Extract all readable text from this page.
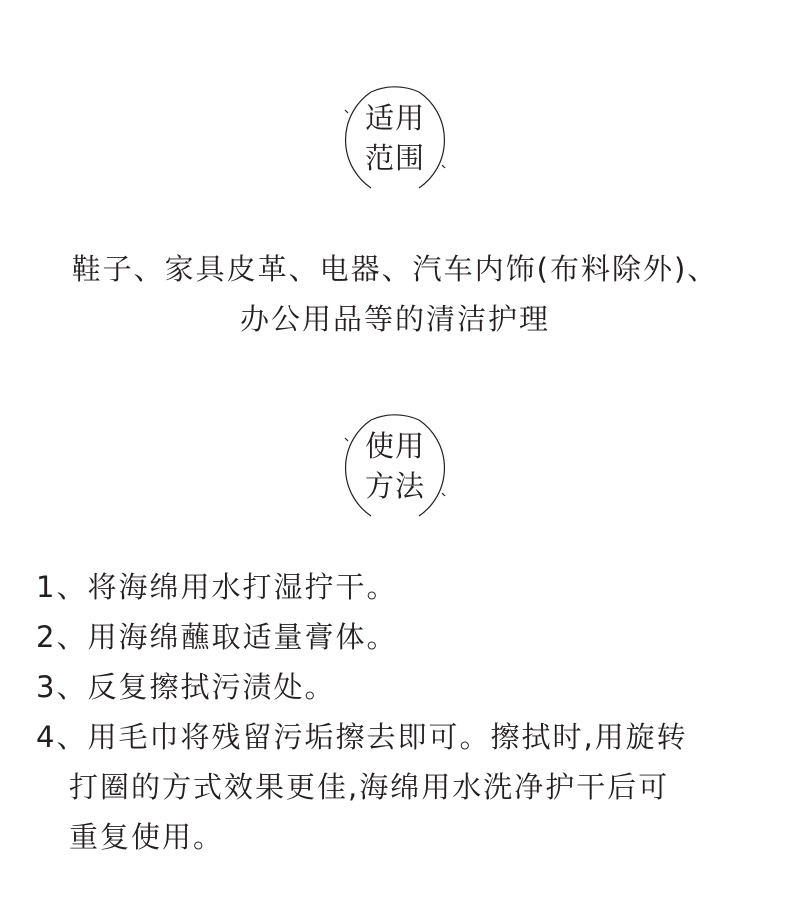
适用
范围
鞋子、家具皮革、电器、汽车内饰(布料除外)、
办公用品等的清洁护理
使用
方法
1、将海绵用水打湿拧干。
2、用海绵蘸取适量膏体。
3、反复擦拭污渍处。
4、用毛巾将残留污垢擦去即可。擦拭时,用旋转
打圈的方式效果更佳,海绵用水洗净护干后可
重复使用。
